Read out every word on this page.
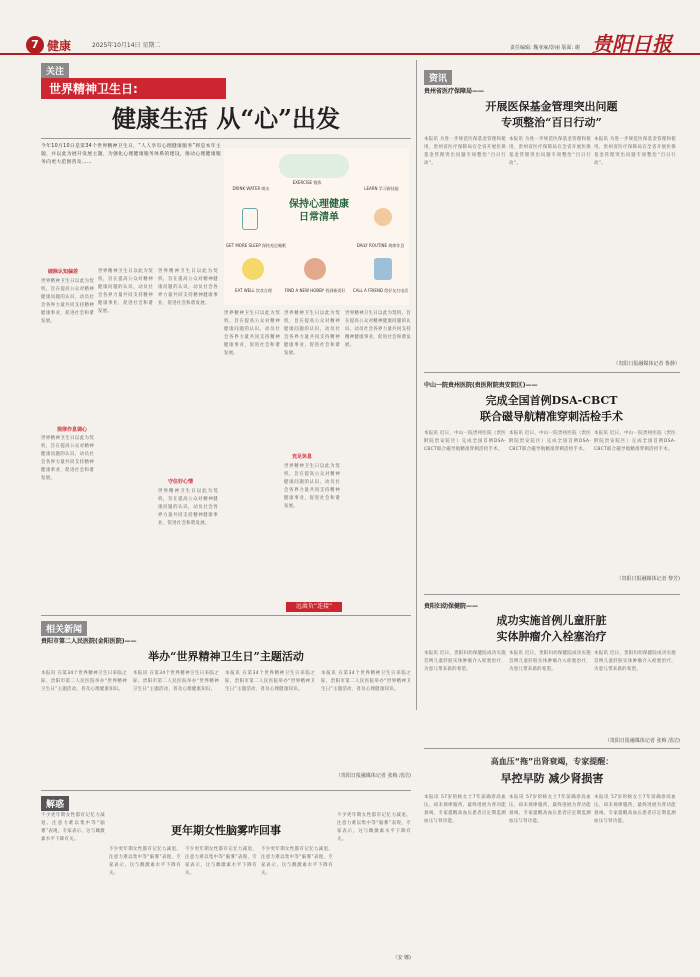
7 健康	2025年10月14日 星期二	责任编辑: 魏亚麻/彭丽 版面: 谢 贵阳日报
关注
世界精神卫生日:
健康生活 从“心”出发
今年10月10日是第34个世界精神卫生日，“人人享有心理健康服务”将是本年主题，并以此为展开发展主题，为强化心理健康服务体系的建设，推动心理健康服务向更大范围普及……
保持心理健康 日常清单
DRINK WATER 喝水
EXERCISE 锻炼
LEARN 学习新技能
GET MORE SLEEP 保持充足睡眠	DAILY ROUTINE 规律作息
EAT WELL 饮食合理	FIND A NEW HOBBY 找到新爱好 CALL A FRIEND 给好友打电话
破除认知偏差
世界精神卫生日以此为契机，旨在提高公众对精神健康问题的认识，动员社会各界力量共同支持精神健康事业，促进社会和谐发展。
规律作息调心
世界精神卫生日以此为契机，旨在提高公众对精神健康问题的认识，动员社会各界力量共同支持精神健康事业，促进社会和谐发展。
世界精神卫生日以此为契机，旨在提高公众对精神健康问题的认识，动员社会各界力量共同支持精神健康事业，促进社会和谐发展。
世界精神卫生日以此为契机，旨在提高公众对精神健康问题的认识，动员社会各界力量共同支持精神健康事业，促进社会和谐发展。
守住好心情
世界精神卫生日以此为契机，旨在提高公众对精神健康问题的认识，动员社会各界力量共同支持精神健康事业，促进社会和谐发展。
世界精神卫生日以此为契机，旨在提高公众对精神健康问题的认识，动员社会各界力量共同支持精神健康事业，促进社会和谐发展。
充足休息
世界精神卫生日以此为契机，旨在提高公众对精神健康问题的认识，动员社会各界力量共同支持精神健康事业，促进社会和谐发展。
世界精神卫生日以此为契机，旨在提高公众对精神健康问题的认识，动员社会各界力量共同支持精神健康事业，促进社会和谐发展。
世界精神卫生日以此为契机，旨在提高公众对精神健康问题的认识，动员社会各界力量共同支持精神健康事业，促进社会和谐发展。
远离负“连接”
资讯
贵州省医疗保障局——
开展医保基金管理突出问题
专项整治“百日行动”
本报讯 为进一步规范医保基金管理和使用，贵州省医疗保障局在全省开展医保基金管理突出问题专项整治“百日行动”。
本报讯 为进一步规范医保基金管理和使用，贵州省医疗保障局在全省开展医保基金管理突出问题专项整治“百日行动”。
本报讯 为进一步规范医保基金管理和使用，贵州省医疗保障局在全省开展医保基金管理突出问题专项整治“百日行动”。
（贵阳日报融媒体记者 鲁静）
中山一院贵州医院(贵医附院贵安院区)——
完成全国首例DSA-CBCT
联合磁导航精准穿刺活检手术
本报讯 近日，中山一院贵州医院（贵医附院贵安院区）完成全国首例DSA-CBCT联合磁导航精准穿刺活检手术。
本报讯 近日，中山一院贵州医院（贵医附院贵安院区）完成全国首例DSA-CBCT联合磁导航精准穿刺活检手术。
本报讯 近日，中山一院贵州医院（贵医附院贵安院区）完成全国首例DSA-CBCT联合磁导航精准穿刺活检手术。
（贵阳日报融媒体记者 黎芳)
贵阳妇幼保健院——
成功实施首例儿童肝脏
实体肿瘤介入栓塞治疗
本报讯 近日，贵阳妇幼保健院成功实施首例儿童肝脏实体肿瘤介入栓塞治疗，为患儿带来新的希望。
本报讯 近日，贵阳妇幼保健院成功实施首例儿童肝脏实体肿瘤介入栓塞治疗，为患儿带来新的希望。
本报讯 近日，贵阳妇幼保健院成功实施首例儿童肝脏实体肿瘤介入栓塞治疗，为患儿带来新的希望。
（贵阳日报融媒体记者 张梅 清洁)
高血压“拖”出肾衰竭，专家提醒：
早控早防 减少肾损害
本报讯 57岁的杨女士7年前确诊高血压，却未规律服药，最终进展为肾功能衰竭。专家提醒高血压患者应定期监测血压与肾功能。
本报讯 57岁的杨女士7年前确诊高血压，却未规律服药，最终进展为肾功能衰竭。专家提醒高血压患者应定期监测血压与肾功能。
本报讯 57岁的杨女士7年前确诊高血压，却未规律服药，最终进展为肾功能衰竭。专家提醒高血压患者应定期监测血压与肾功能。
相关新闻
贵阳市第二人民医院(金阳医院)——
举办“世界精神卫生日”主题活动
本报讯 在第34个世界精神卫生日来临之际，贵阳市第二人民医院举办“世界精神卫生日”主题活动，普及心理健康知识。
本报讯 在第34个世界精神卫生日来临之际，贵阳市第二人民医院举办“世界精神卫生日”主题活动，普及心理健康知识。
本报讯 在第34个世界精神卫生日来临之际，贵阳市第二人民医院举办“世界精神卫生日”主题活动，普及心理健康知识。
本报讯 在第34个世界精神卫生日来临之际，贵阳市第二人民医院举办“世界精神卫生日”主题活动，普及心理健康知识。
（贵阳日报融媒体记者 张梅 清洁)
解惑
更年期女性脑雾咋回事
不少更年期女性都有记忆力减退、注意力难以集中等“脑雾”表现，专家表示，这与雌激素水平下降有关。
不少更年期女性都有记忆力减退、注意力难以集中等“脑雾”表现，专家表示，这与雌激素水平下降有关。
不少更年期女性都有记忆力减退、注意力难以集中等“脑雾”表现，专家表示，这与雌激素水平下降有关。
不少更年期女性都有记忆力减退、注意力难以集中等“脑雾”表现，专家表示，这与雌激素水平下降有关。
不少更年期女性都有记忆力减退、注意力难以集中等“脑雾”表现，专家表示，这与雌激素水平下降有关。
（安 娜)
